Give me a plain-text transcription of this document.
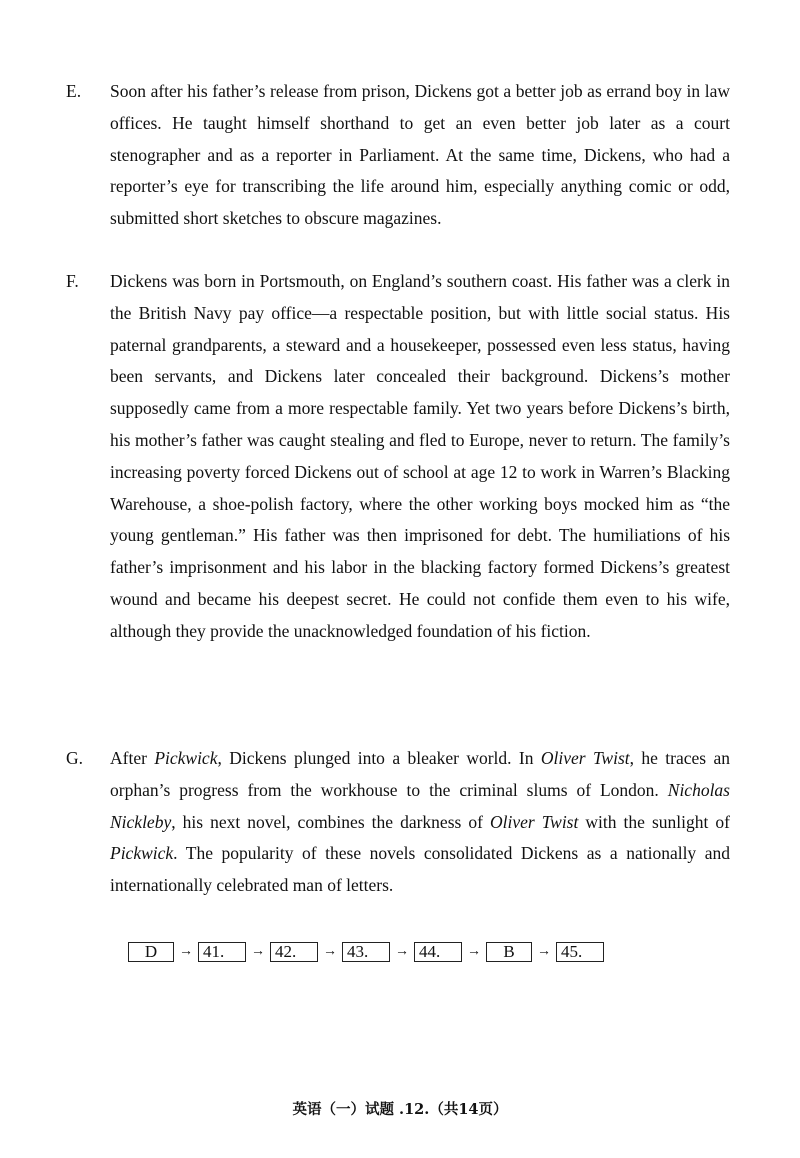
E. Soon after his father’s release from prison, Dickens got a better job as errand boy in law offices. He taught himself shorthand to get an even better job later as a court stenographer and as a reporter in Parliament. At the same time, Dickens, who had a reporter’s eye for transcribing the life around him, especially anything comic or odd, submitted short sketches to obscure magazines.

F. Dickens was born in Portsmouth, on England’s southern coast. His father was a clerk in the British Navy pay office—a respectable position, but with little social status. His paternal grandparents, a steward and a housekeeper, possessed even less status, having been servants, and Dickens later concealed their background. Dickens’s mother supposedly came from a more respectable family. Yet two years before Dickens’s birth, his mother’s father was caught stealing and fled to Europe, never to return. The family’s increasing poverty forced Dickens out of school at age 12 to work in Warren’s Blacking Warehouse, a shoe-polish factory, where the other working boys mocked him as “the young gentleman.” His father was then imprisoned for debt. The humiliations of his father’s imprisonment and his labor in the blacking factory formed Dickens’s greatest wound and became his deepest secret. He could not confide them even to his wife, although they provide the unacknowledged foundation of his fiction.

G. After Pickwick, Dickens plunged into a bleaker world. In Oliver Twist, he traces an orphan’s progress from the workhouse to the criminal slums of London. Nicholas Nickleby, his next novel, combines the darkness of Oliver Twist with the sunlight of Pickwick. The popularity of these novels consolidated Dickens as a nationally and internationally celebrated man of letters.

D	→ 41.	→ 42.	→ 43.	→ 44.	→	B	→ 45.
英语（一）试题 .12.（共14页）
